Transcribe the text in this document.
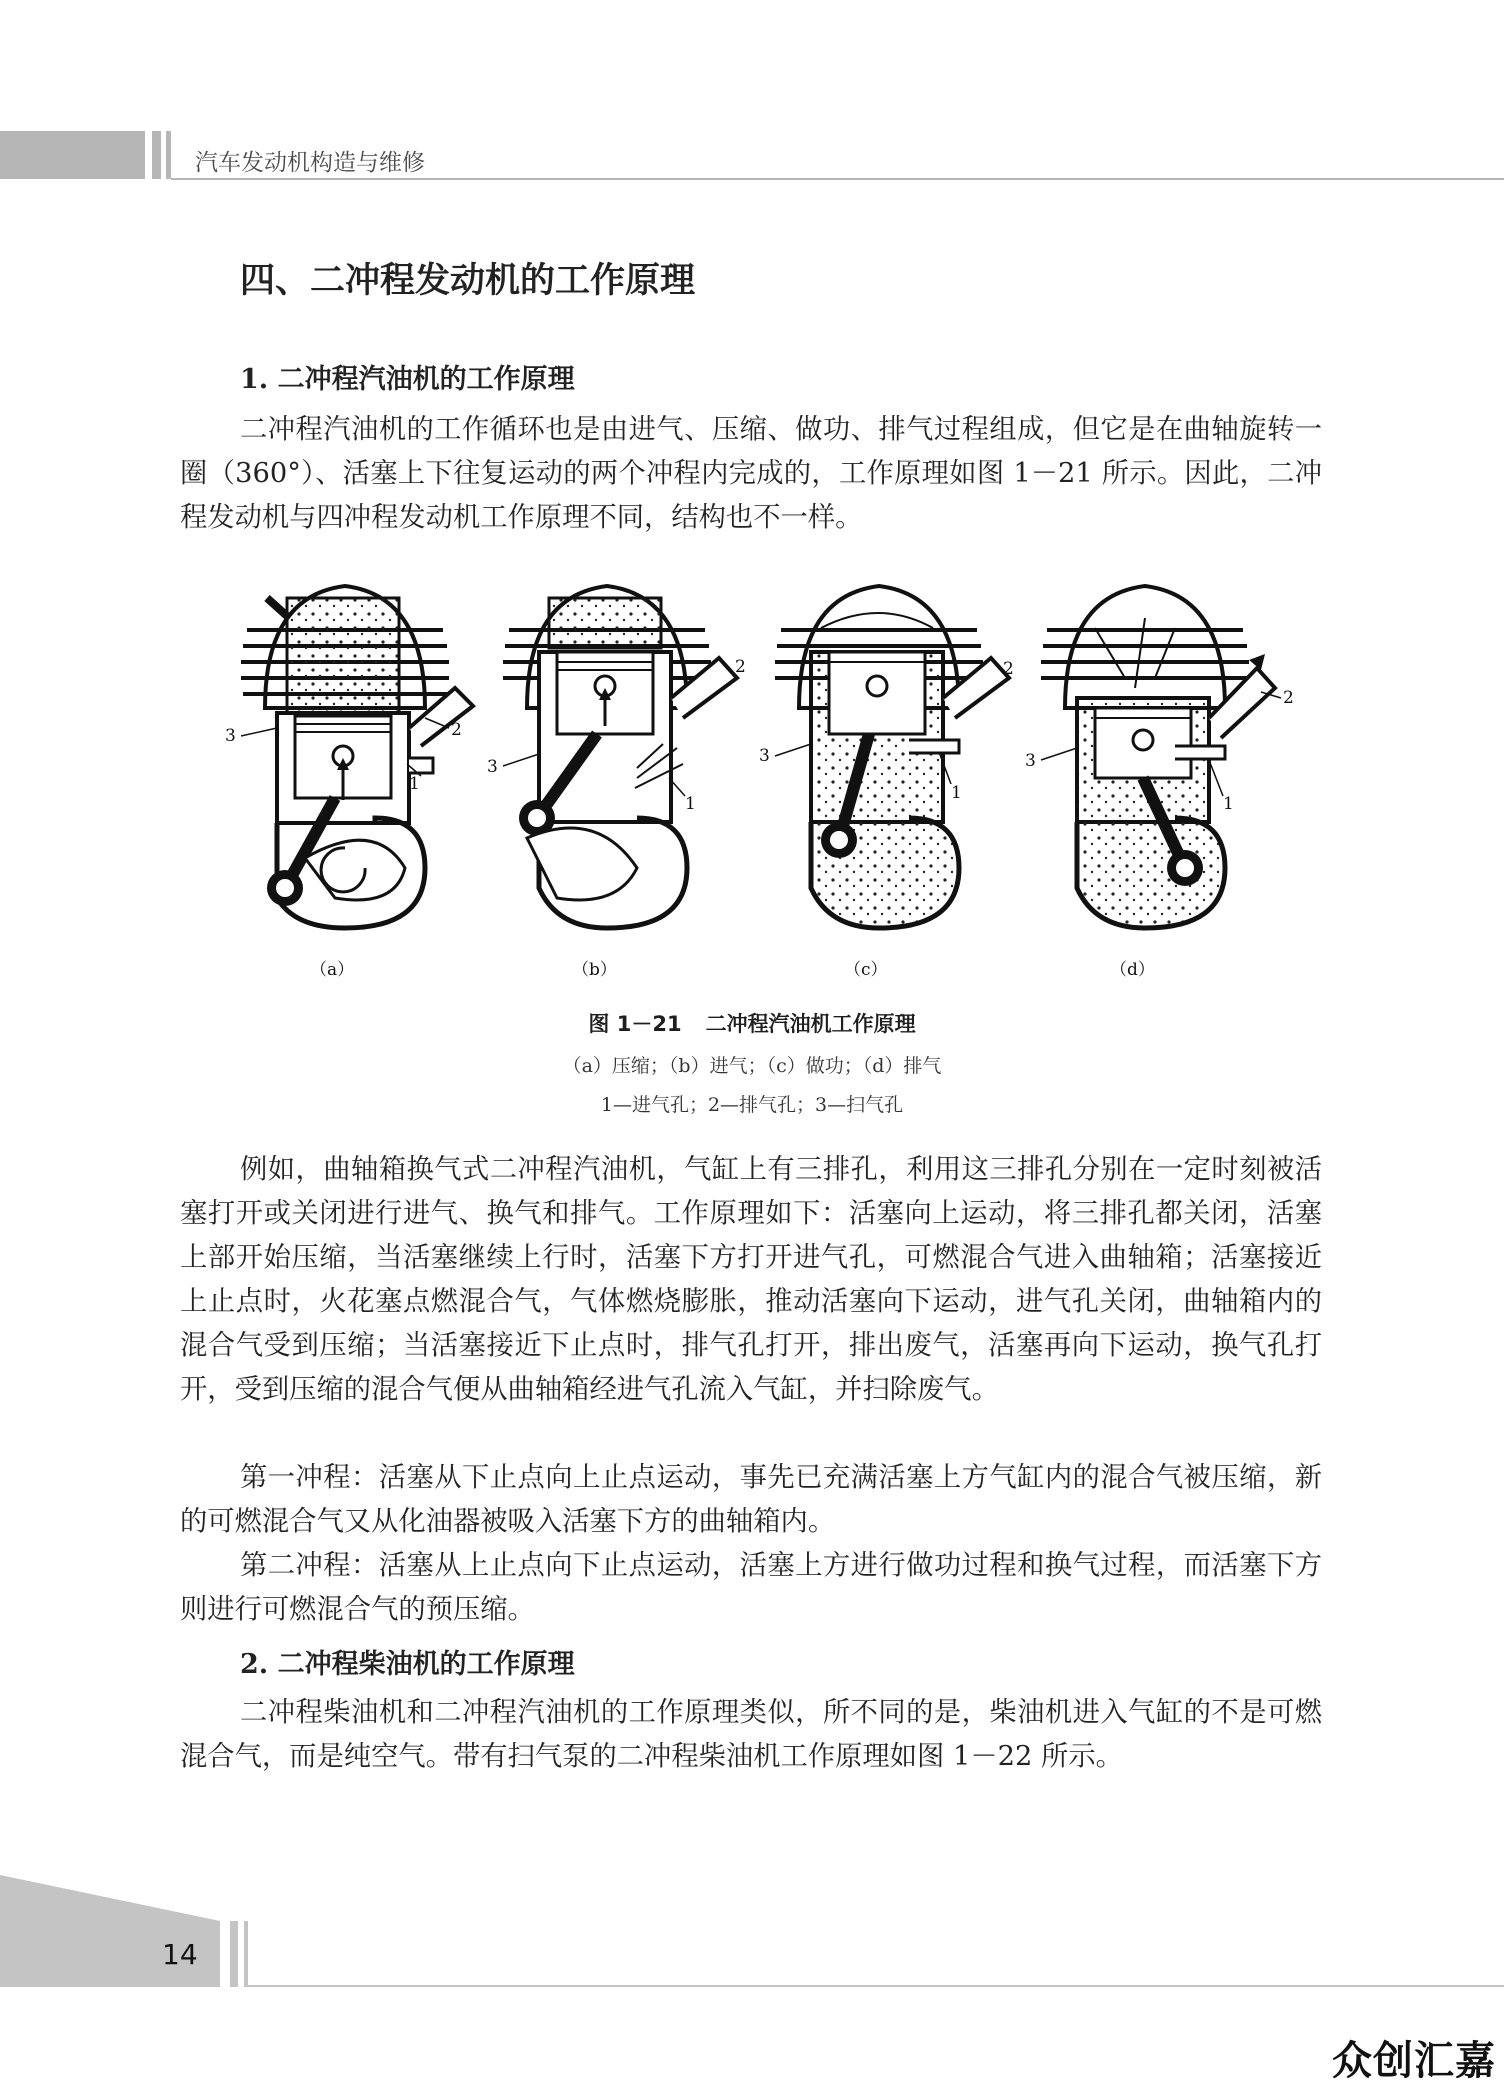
汽车发动机构造与维修
四、二冲程发动机的工作原理
1. 二冲程汽油机的工作原理

二冲程汽油机的工作循环也是由进气、压缩、做功、排气过程组成，但它是在曲轴旋转一圈（360°）、活塞上下往复运动的两个冲程内完成的，工作原理如图 1－21 所示。因此，二冲程发动机与四冲程发动机工作原理不同，结构也不一样。

3
1
2
（a）
3
1
2
（b）
3
1
2
（c）
3
1
2
（d）
图 1－21 二冲程汽油机工作原理
（a）压缩；（b）进气；（c）做功；（d）排气
1—进气孔；2—排气孔；3—扫气孔

例如，曲轴箱换气式二冲程汽油机，气缸上有三排孔，利用这三排孔分别在一定时刻被活塞打开或关闭进行进气、换气和排气。工作原理如下：活塞向上运动，将三排孔都关闭，活塞上部开始压缩，当活塞继续上行时，活塞下方打开进气孔，可燃混合气进入曲轴箱；活塞接近上止点时，火花塞点燃混合气，气体燃烧膨胀，推动活塞向下运动，进气孔关闭，曲轴箱内的混合气受到压缩；当活塞接近下止点时，排气孔打开，排出废气，活塞再向下运动，换气孔打开，受到压缩的混合气便从曲轴箱经进气孔流入气缸，并扫除废气。

第一冲程：活塞从下止点向上止点运动，事先已充满活塞上方气缸内的混合气被压缩，新的可燃混合气又从化油器被吸入活塞下方的曲轴箱内。

第二冲程：活塞从上止点向下止点运动，活塞上方进行做功过程和换气过程，而活塞下方则进行可燃混合气的预压缩。

2. 二冲程柴油机的工作原理

二冲程柴油机和二冲程汽油机的工作原理类似，所不同的是，柴油机进入气缸的不是可燃混合气，而是纯空气。带有扫气泵的二冲程柴油机工作原理如图 1－22 所示。

14
众创汇嘉
